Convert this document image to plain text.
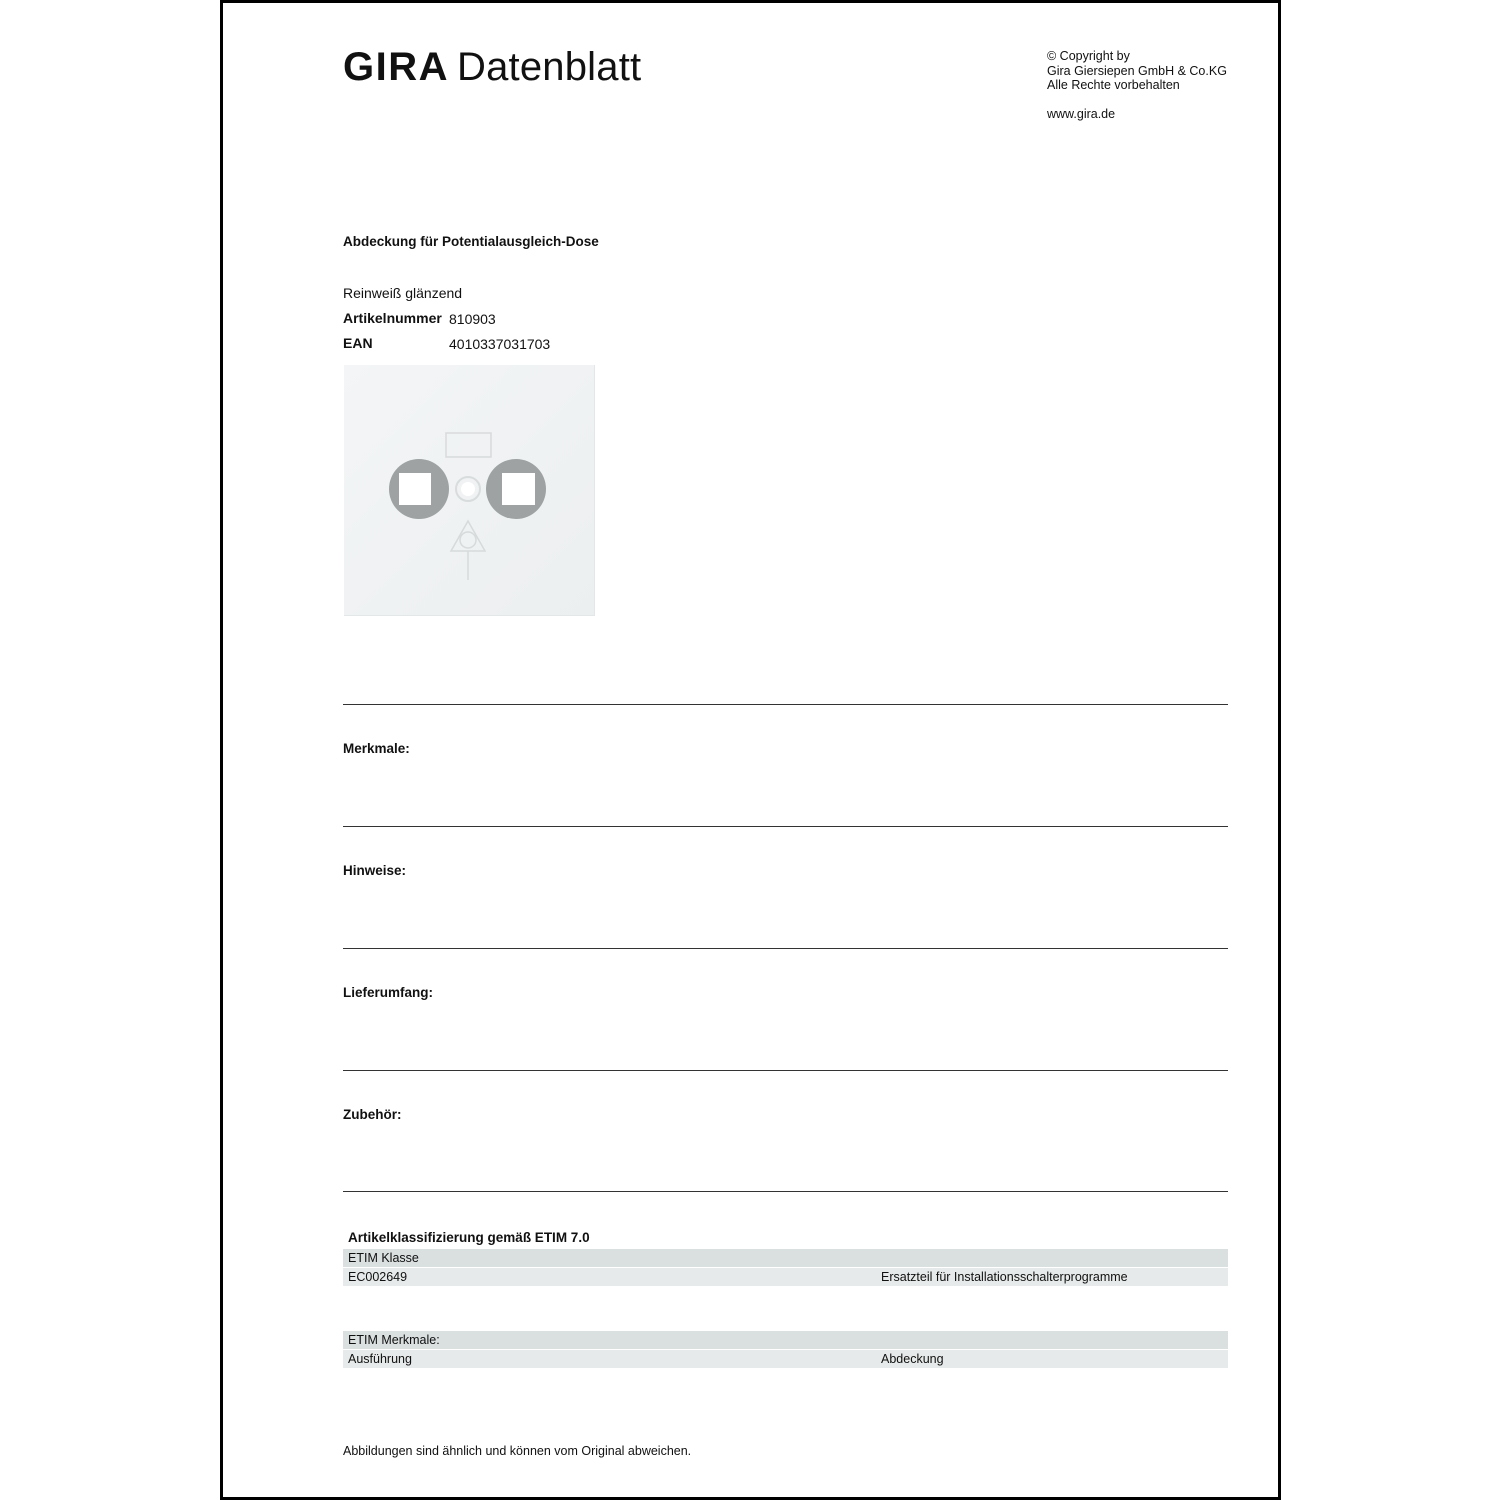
GIRA Datenblatt	© Copyright by
Gira Giersiepen GmbH & Co.KG
Alle Rechte vorbehalten
www.gira.de
Abdeckung für Potentialausgleich-Dose
Reinweiß glänzend
Artikelnummer 810903
EAN	4010337031703
Merkmale:
Hinweise:
Lieferumfang:
Zubehör:
Artikelklassifizierung gemäß ETIM 7.0
ETIM Klasse
EC002649	Ersatzteil für Installationsschalterprogramme
ETIM Merkmale:
Ausführung	Abdeckung
Abbildungen sind ähnlich und können vom Original abweichen.
